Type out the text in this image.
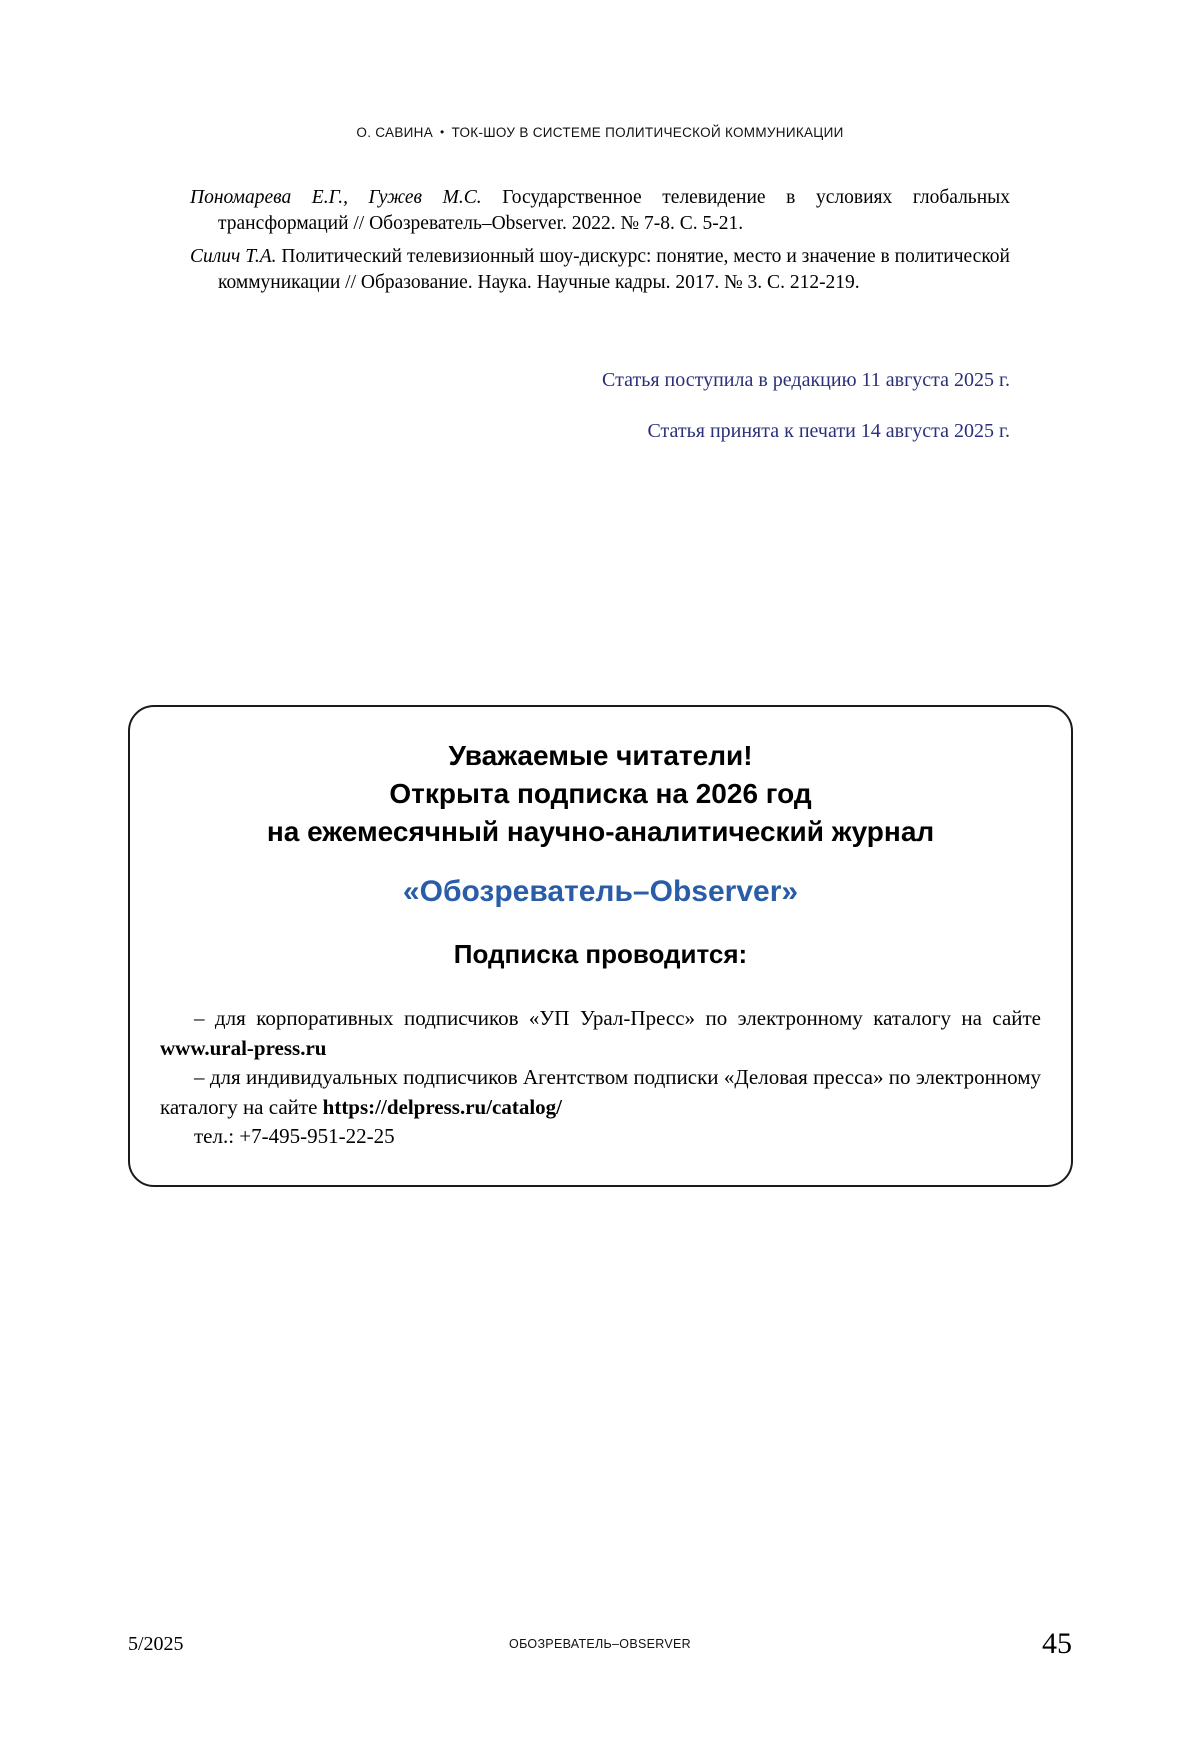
О. САВИНА • ТОК-ШОУ В СИСТЕМЕ ПОЛИТИЧЕСКОЙ КОММУНИКАЦИИ
Пономарева Е.Г., Гужев М.С. Государственное телевидение в условиях глобальных трансформаций // Обозреватель–Observer. 2022. № 7-8. С. 5-21.
Силич Т.А. Политический телевизионный шоу-дискурс: понятие, место и значение в политической коммуникации // Образование. Наука. Научные кадры. 2017. № 3. С. 212-219.
Статья поступила в редакцию 11 августа 2025 г.
Статья принята к печати 14 августа 2025 г.
Уважаемые читатели!
Открыта подписка на 2026 год
на ежемесячный научно-аналитический журнал
«Обозреватель–Observer»
Подписка проводится:

– для корпоративных подписчиков «УП Урал-Пресс» по электронному каталогу на сайте www.ural-press.ru

– для индивидуальных подписчиков Агентством подписки «Деловая пресса» по электронному каталогу на сайте https://delpress.ru/catalog/

тел.: +7-495-951-22-25

5/2025	ОБОЗРЕВАТЕЛЬ–OBSERVER	45
